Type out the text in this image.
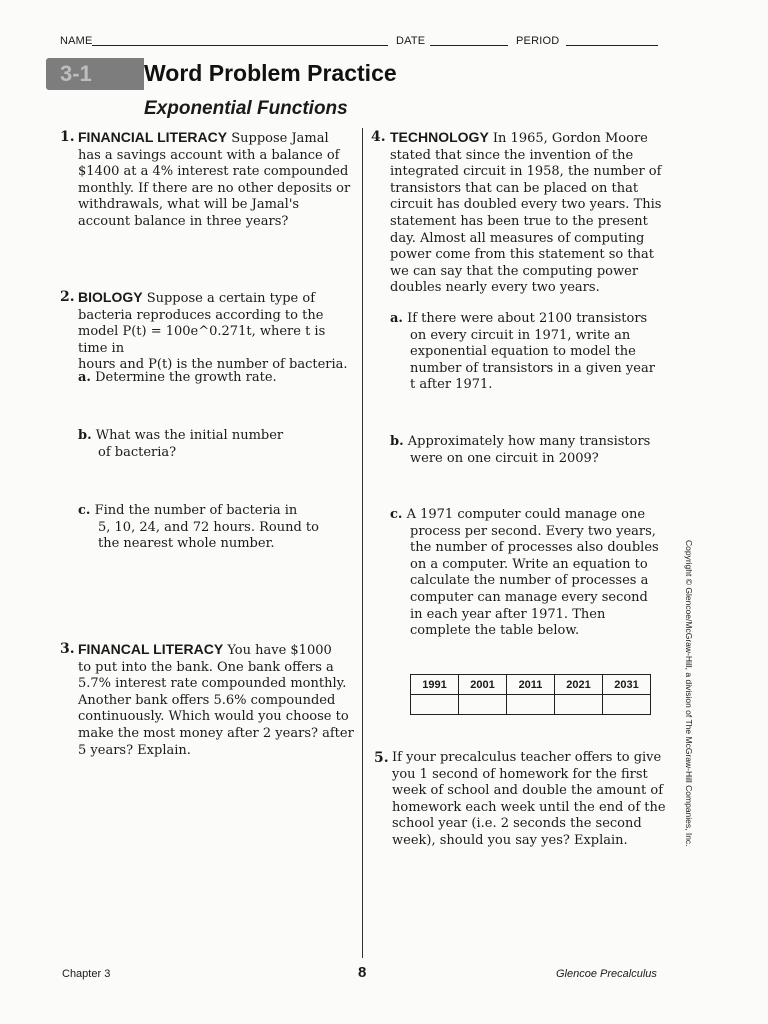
NAME	DATE	PERIOD
3-1 Word Problem Practice
Exponential Functions
1. FINANCIAL LITERACY Suppose Jamal
has a savings account with a balance of
$1400 at a 4% interest rate compounded
monthly. If there are no other deposits or
withdrawals, what will be Jamal's
account balance in three years?
2. BIOLOGY Suppose a certain type of
bacteria reproduces according to the
model P(t) = 100e^0.271t, where t is time in
hours and P(t) is the number of bacteria.
a. Determine the growth rate.
b. What was the initial number
of bacteria?
c. Find the number of bacteria in
5, 10, 24, and 72 hours. Round to
the nearest whole number.
3. FINANCAL LITERACY You have $1000
to put into the bank. One bank offers a
5.7% interest rate compounded monthly.
Another bank offers 5.6% compounded
continuously. Which would you choose to
make the most money after 2 years? after
5 years? Explain.
4. TECHNOLOGY In 1965, Gordon Moore
stated that since the invention of the
integrated circuit in 1958, the number of
transistors that can be placed on that
circuit has doubled every two years. This
statement has been true to the present
day. Almost all measures of computing
power come from this statement so that
we can say that the computing power
doubles nearly every two years.
a. If there were about 2100 transistors
on every circuit in 1971, write an
exponential equation to model the
number of transistors in a given year
t after 1971.
b. Approximately how many transistors
were on one circuit in 2009?
c. A 1971 computer could manage one
process per second. Every two years,
the number of processes also doubles
on a computer. Write an equation to
calculate the number of processes a
computer can manage every second
in each year after 1971. Then
complete the table below.
1991	2001	2011	2021	2031

5. If your precalculus teacher offers to give
you 1 second of homework for the first
week of school and double the amount of
homework each week until the end of the
school year (i.e. 2 seconds the second
week), should you say yes? Explain.	Copyright © Glencoe/McGraw-Hill, a division of The McGraw-Hill Companies, Inc.
Chapter 3	8	Glencoe Precalculus
